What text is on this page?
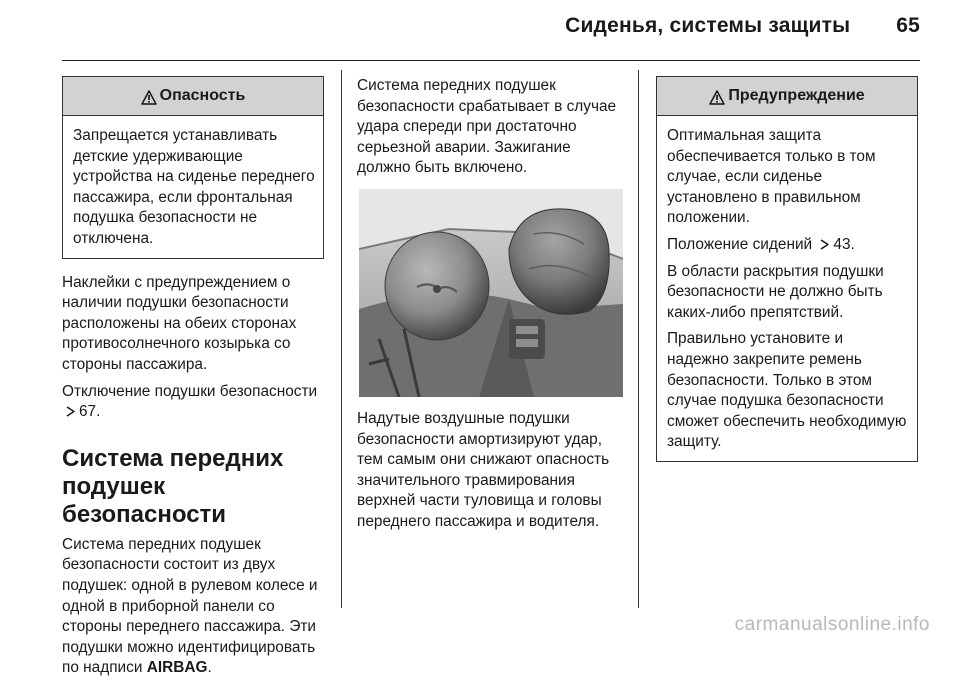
Сиденья, системы защиты 65
Опасность

Запрещается устанавливать детские удерживающие устройства на сиденье переднего пассажира, если фронтальная подушка безопасности не отключена.

Наклейки с предупреждением о наличии подушки безопасности расположены на обеих сторонах противосолнечного козырька со стороны пассажира.

Отключение подушки безопасности 67.

Система передних подушек безопасности

Система передних подушек безопасности состоит из двух подушек: одной в рулевом колесе и одной в приборной панели со стороны переднего пассажира. Эти подушки можно идентифицировать по надписи AIRBAG.

Система передних подушек безопасности срабатывает в случае удара спереди при достаточно серьезной аварии. Зажигание должно быть включено.

Надутые воздушные подушки безопасности амортизируют удар, тем самым они снижают опасность значительного травмирования верхней части туловища и головы переднего пассажира и водителя.

Предупреждение

Оптимальная защита обеспечивается только в том случае, если сиденье установлено в правильном положении.

Положение сидений 43.

В области раскрытия подушки безопасности не должно быть каких-либо препятствий.

Правильно установите и надежно закрепите ремень безопасности. Только в этом случае подушка безопасности сможет обеспечить необходимую защиту.

carmanualsonline.info
